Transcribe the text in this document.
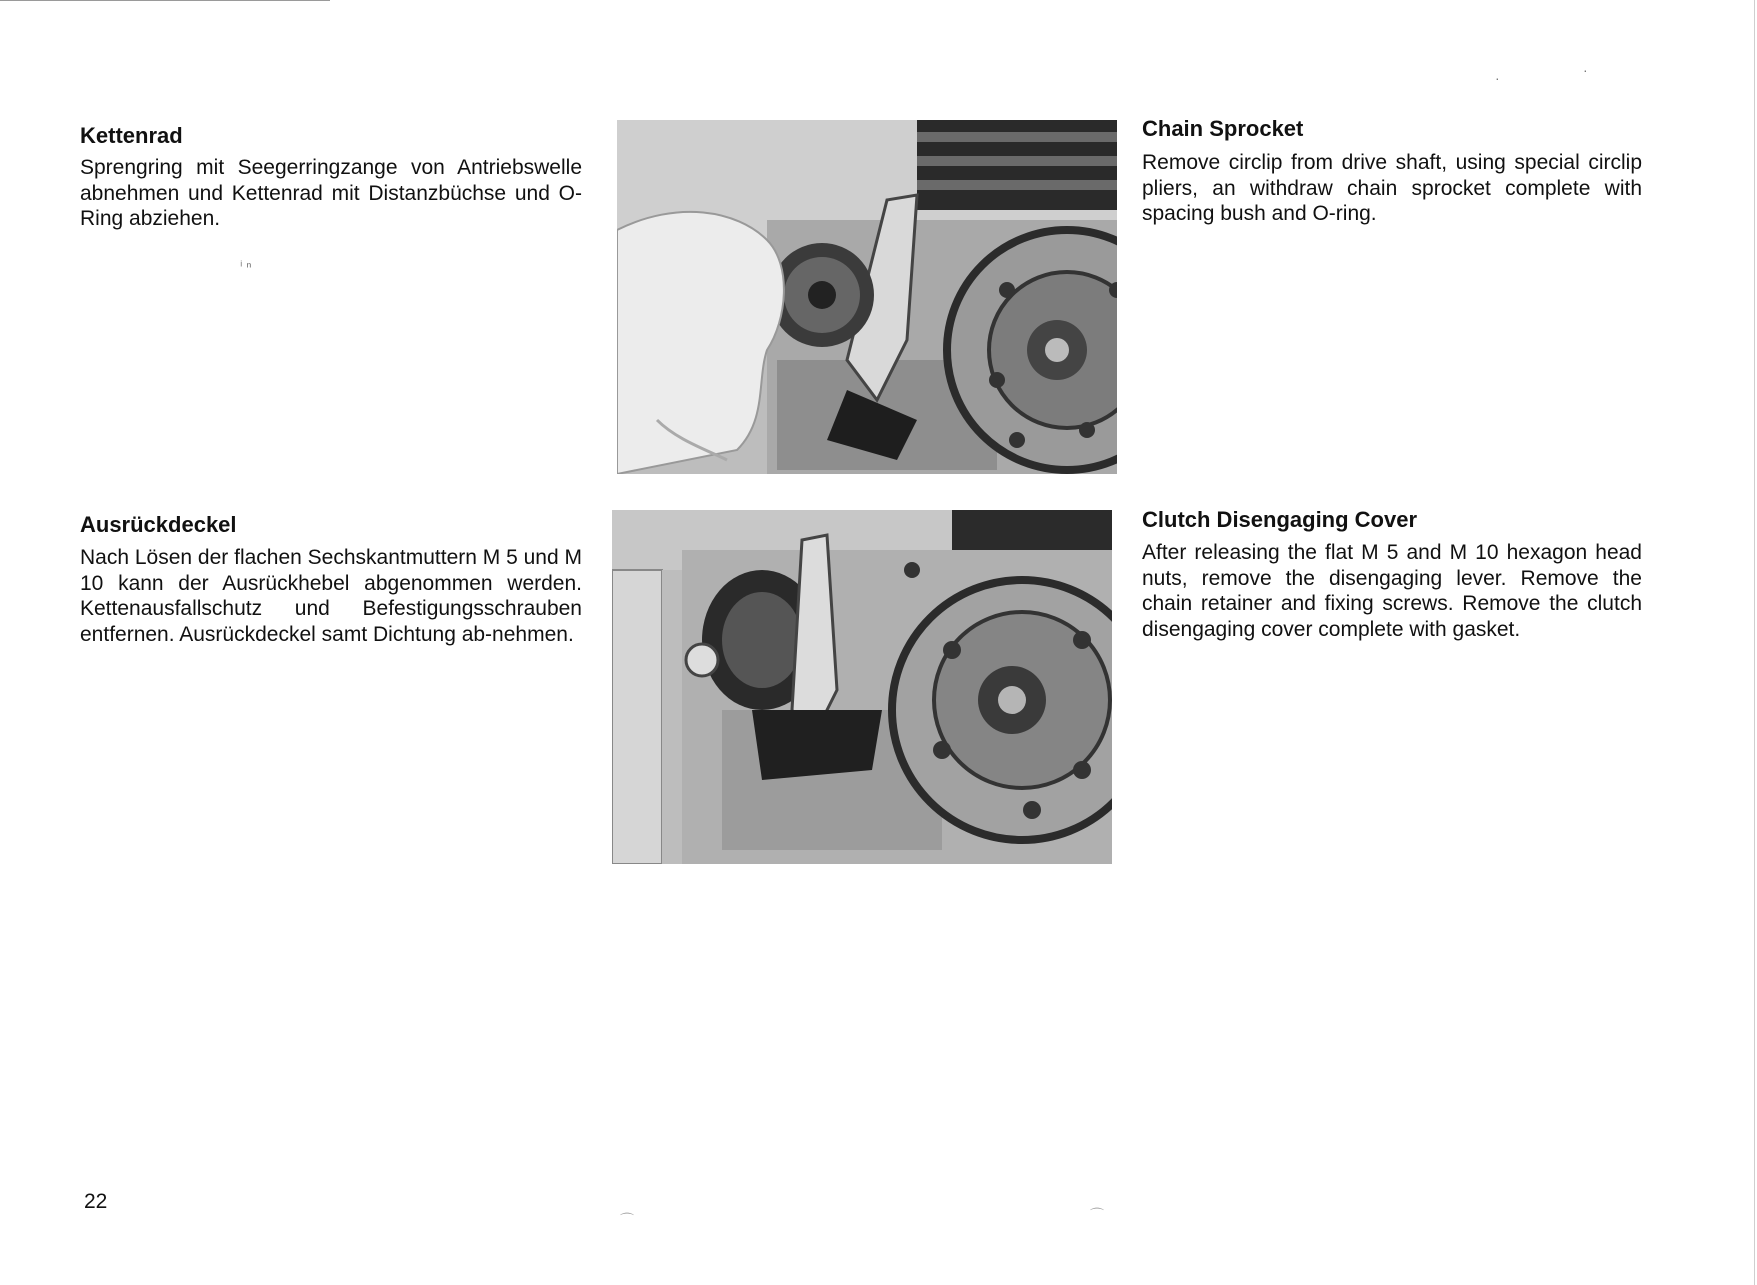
Kettenrad

Sprengring mit Seegerringzange von Antriebswelle abnehmen und Kettenrad mit Distanzbüchse und O-Ring abziehen.

Chain Sprocket

Remove circlip from drive shaft, using special circlip pliers, an withdraw chain sprocket complete with spacing bush and O-ring.

Ausrückdeckel

Nach Lösen der flachen Sechskantmuttern M 5 und M 10 kann der Ausrückhebel abgenommen werden. Kettenausfallschutz und Befestigungsschrauben entfernen. Ausrückdeckel samt Dichtung ab-nehmen.

Clutch Disengaging Cover

After releasing the flat M 5 and M 10 hexagon head nuts, remove the disengaging lever. Remove the chain retainer and fixing screws. Remove the clutch disengaging cover complete with gasket.

22
ⁱ ⁿ
·	·
⌒	⌒
